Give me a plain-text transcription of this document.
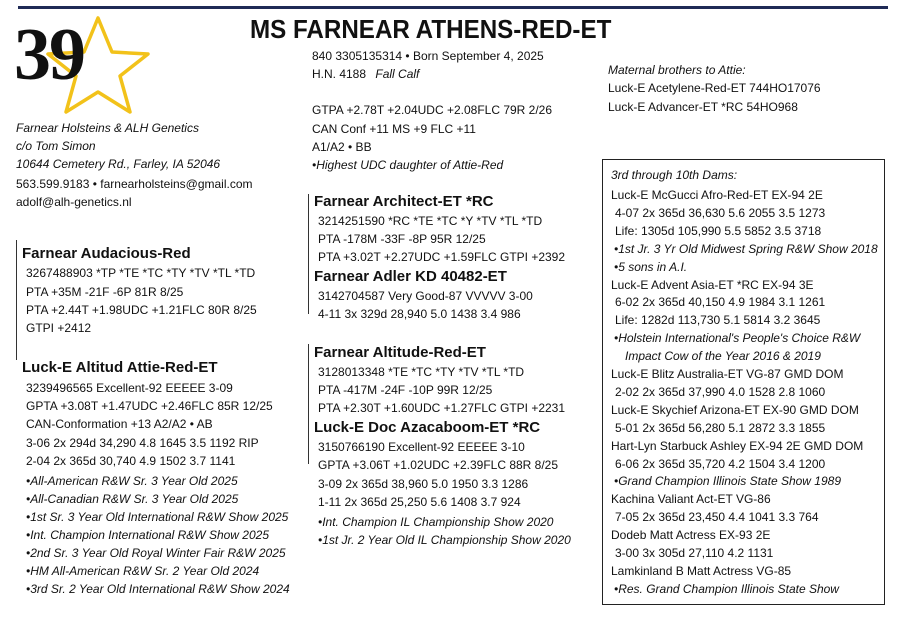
39	MS FARNEAR ATHENS-RED-ET
840 3305135314 • Born September 4, 2025
H.N. 4188 Fall Calf
GTPA +2.78T +2.04UDC +2.08FLC 79R 2/26
CAN Conf +11 MS +9 FLC +11
A1/A2 • BB
•Highest UDC daughter of Attie-Red
Farnear Holsteins & ALH Genetics
c/o Tom Simon
10644 Cemetery Rd., Farley, IA 52046
563.599.9183 • farnearholsteins@gmail.com
adolf@alh-genetics.nl
Maternal brothers to Attie:
Luck-E Acetylene-Red-ET 744HO17076
Luck-E Advancer-ET *RC 54HO968
Farnear Audacious-Red
3267488903 *TP *TE *TC *TY *TV *TL *TD
PTA +35M -21F -6P 81R 8/25
PTA +2.44T +1.98UDC +1.21FLC 80R 8/25
GTPI +2412
Luck-E Altitud Attie-Red-ET
3239496565 Excellent-92 EEEEE 3-09
GPTA +3.08T +1.47UDC +2.46FLC 85R 12/25
CAN-Conformation +13 A2/A2 • AB
3-06 2x 294d 34,290 4.8 1645 3.5 1192 RIP
2-04 2x 365d 30,740 4.9 1502 3.7 1141
•All-American R&W Sr. 3 Year Old 2025
•All-Canadian R&W Sr. 3 Year Old 2025
•1st Sr. 3 Year Old International R&W Show 2025
•Int. Champion International R&W Show 2025
•2nd Sr. 3 Year Old Royal Winter Fair R&W 2025
•HM All-American R&W Sr. 2 Year Old 2024
•3rd Sr. 2 Year Old International R&W Show 2024
Farnear Architect-ET *RC
3214251590 *RC *TE *TC *Y *TV *TL *TD
PTA -178M -33F -8P 95R 12/25
PTA +3.02T +2.27UDC +1.59FLC GTPI +2392
Farnear Adler KD 40482-ET
3142704587 Very Good-87 VVVVV 3-00
4-11 3x 329d 28,940 5.0 1438 3.4 986
Farnear Altitude-Red-ET
3128013348 *TE *TC *TY *TV *TL *TD
PTA -417M -24F -10P 99R 12/25
PTA +2.30T +1.60UDC +1.27FLC GTPI +2231
Luck-E Doc Azacaboom-ET *RC
3150766190 Excellent-92 EEEEE 3-10
GPTA +3.06T +1.02UDC +2.39FLC 88R 8/25
3-09 2x 365d 38,960 5.0 1950 3.3 1286
1-11 2x 365d 25,250 5.6 1408 3.7 924
•Int. Champion IL Championship Show 2020
•1st Jr. 2 Year Old IL Championship Show 2020
3rd through 10th Dams:
Luck-E McGucci Afro-Red-ET EX-94 2E
4-07 2x 365d 36,630 5.6 2055 3.5 1273
Life: 1305d 105,990 5.5 5852 3.5 3718
•1st Jr. 3 Yr Old Midwest Spring R&W Show 2018
•5 sons in A.I.
Luck-E Advent Asia-ET *RC EX-94 3E
6-02 2x 365d 40,150 4.9 1984 3.1 1261
Life: 1282d 113,730 5.1 5814 3.2 3645
•Holstein International's People's Choice R&W
Impact Cow of the Year 2016 & 2019
Luck-E Blitz Australia-ET VG-87 GMD DOM
2-02 2x 365d 37,990 4.0 1528 2.8 1060
Luck-E Skychief Arizona-ET EX-90 GMD DOM
5-01 2x 365d 56,280 5.1 2872 3.3 1855
Hart-Lyn Starbuck Ashley EX-94 2E GMD DOM
6-06 2x 365d 35,720 4.2 1504 3.4 1200
•Grand Champion Illinois State Show 1989
Kachina Valiant Act-ET VG-86
7-05 2x 365d 23,450 4.4 1041 3.3 764
Dodeb Matt Actress EX-93 2E
3-00 3x 305d 27,110 4.2 1131
Lamkinland B Matt Actress VG-85
•Res. Grand Champion Illinois State Show
